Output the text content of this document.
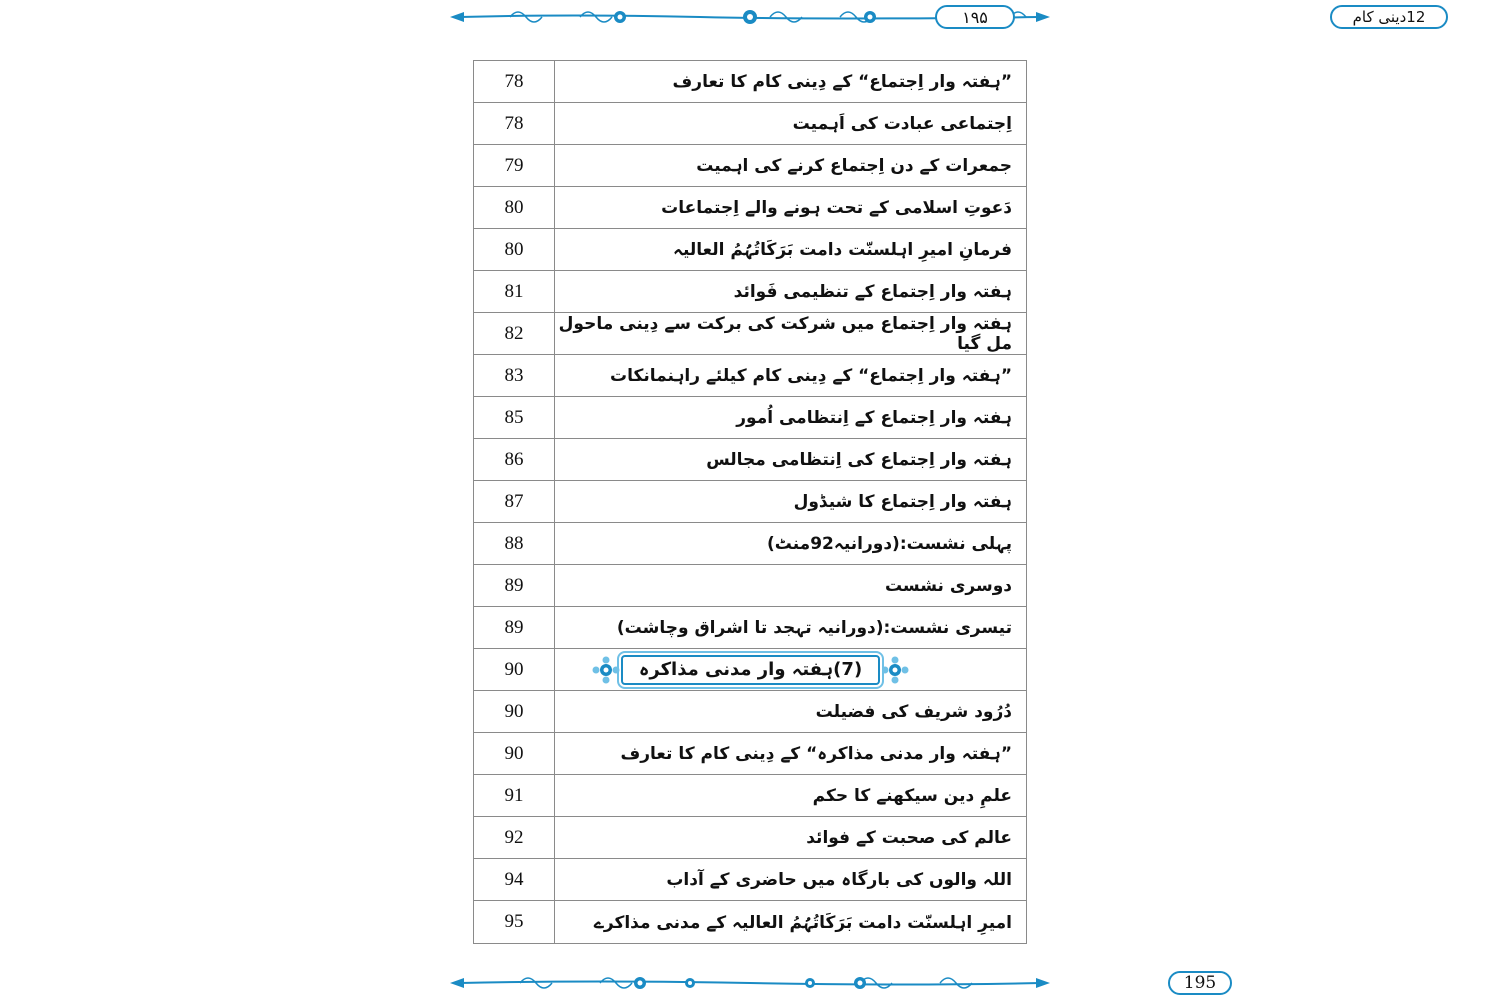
۱۹۵	12دینی کام
78	”ہفتہ وار اِجتماع“ کے دِینی کام کا تعارف
78	اِجتماعی عبادت کی اَہمیت
79	جمعرات کے دن اِجتماع کرنے کی اہمیت
80	دَعوتِ اسلامی کے تحت ہونے والے اِجتماعات
80	فرمانِ امیرِ اہلسنّت دامت بَرَکَاتُہُمُ العالیہ
81	ہفتہ وار اِجتماع کے تنظیمی فَوائد
82	ہفتہ وار اِجتماع میں شرکت کی برکت سے دِینی ماحول مل گیا
83	”ہفتہ وار اِجتماع“ کے دِینی کام کیلئے راہنمانکات
85	ہفتہ وار اِجتماع کے اِنتظامی اُمور
86	ہفتہ وار اِجتماع کی اِنتظامی مجالس
87	ہفتہ وار اِجتماع کا شیڈول
88	پہلی نشست:(دورانیہ92منٹ)
89	دوسری نشست
89	تیسری نشست:(دورانیہ تہجد تا اشراق وچاشت)
90	(7)ہفتہ وار مدنی مذاکرہ
90	دُرُود شریف کی فضیلت
90	”ہفتہ وار مدنی مذاکرہ“ کے دِینی کام کا تعارف
91	علمِ دین سیکھنے کا حکم
92	عالم کی صحبت کے فوائد
94	اللہ والوں کی بارگاہ میں حاضری کے آداب
95	امیرِ اہلسنّت دامت بَرَکَاتُہُمُ العالیہ کے مدنی مذاکرے
195
